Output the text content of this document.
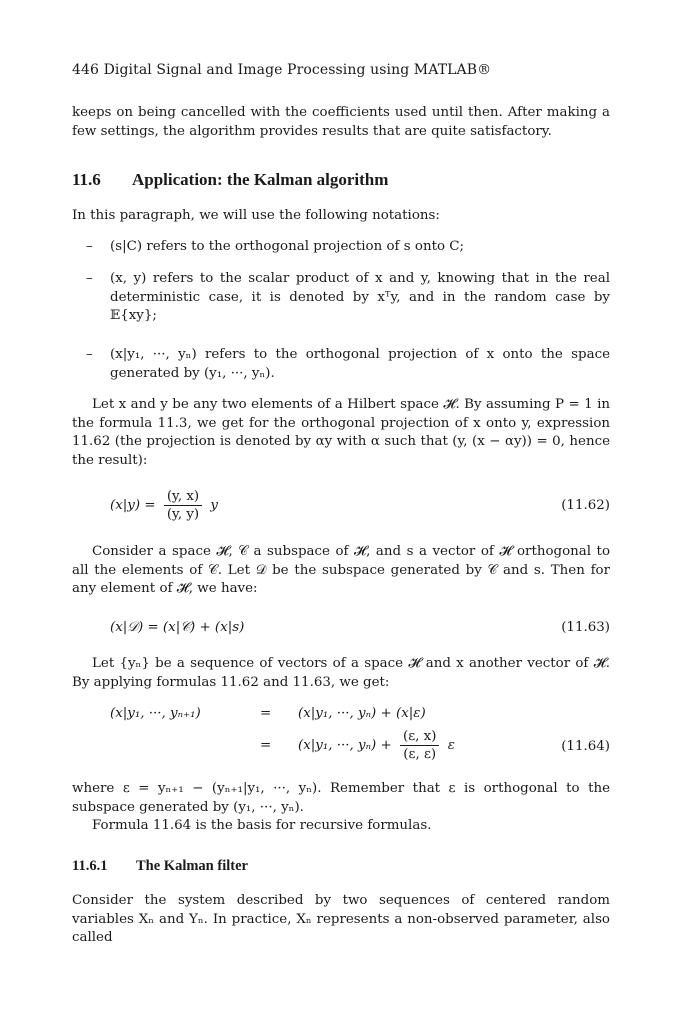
446 Digital Signal and Image Processing using MATLAB®
keeps on being cancelled with the coefficients used until then. After making a few settings, the algorithm provides results that are quite satisfactory.
11.6 Application: the Kalman algorithm
In this paragraph, we will use the following notations:
– (s|C) refers to the orthogonal projection of s onto C;
– (x, y) refers to the scalar product of x and y, knowing that in the real deterministic case, it is denoted by xᵀy, and in the random case by 𝔼{xy};
– (x|y₁, ···, yₙ) refers to the orthogonal projection of x onto the space generated by (y₁, ···, yₙ).
Let x and y be any two elements of a Hilbert space 𝓗. By assuming P = 1 in the formula 11.3, we get for the orthogonal projection of x onto y, expression 11.62 (the projection is denoted by αy with α such that (y, (x − αy)) = 0, hence the result):
$(x|y) = \frac{(y, x)}{(y, y)}$ y	(11.62)
Consider a space 𝓗, 𝒞 a subspace of 𝓗, and s a vector of 𝓗 orthogonal to all the elements of 𝒞. Let 𝒟 be the subspace generated by 𝒞 and s. Then for any element of 𝓗, we have:
(x|𝒟) = (x|𝒞) + (x|s)	(11.63)
Let {yₙ} be a sequence of vectors of a space 𝓗 and x another vector of 𝓗. By applying formulas 11.62 and 11.63, we get:
(x|y₁, ···, yₙ₊₁)	= (x|y₁, ···, yₙ) + (x|ε)
= (x|y₁, ···, $y_n) + \frac{(\varepsilon, x)}{(\varepsilon, \varepsilon)}$ ε	(11.64)
where ε = yₙ₊₁ − (yₙ₊₁|y₁, ···, yₙ). Remember that ε is orthogonal to the subspace generated by (y₁, ···, yₙ).
Formula 11.64 is the basis for recursive formulas.
11.6.1 The Kalman filter
Consider the system described by two sequences of centered random variables Xₙ and Yₙ. In practice, Xₙ represents a non-observed parameter, also called
